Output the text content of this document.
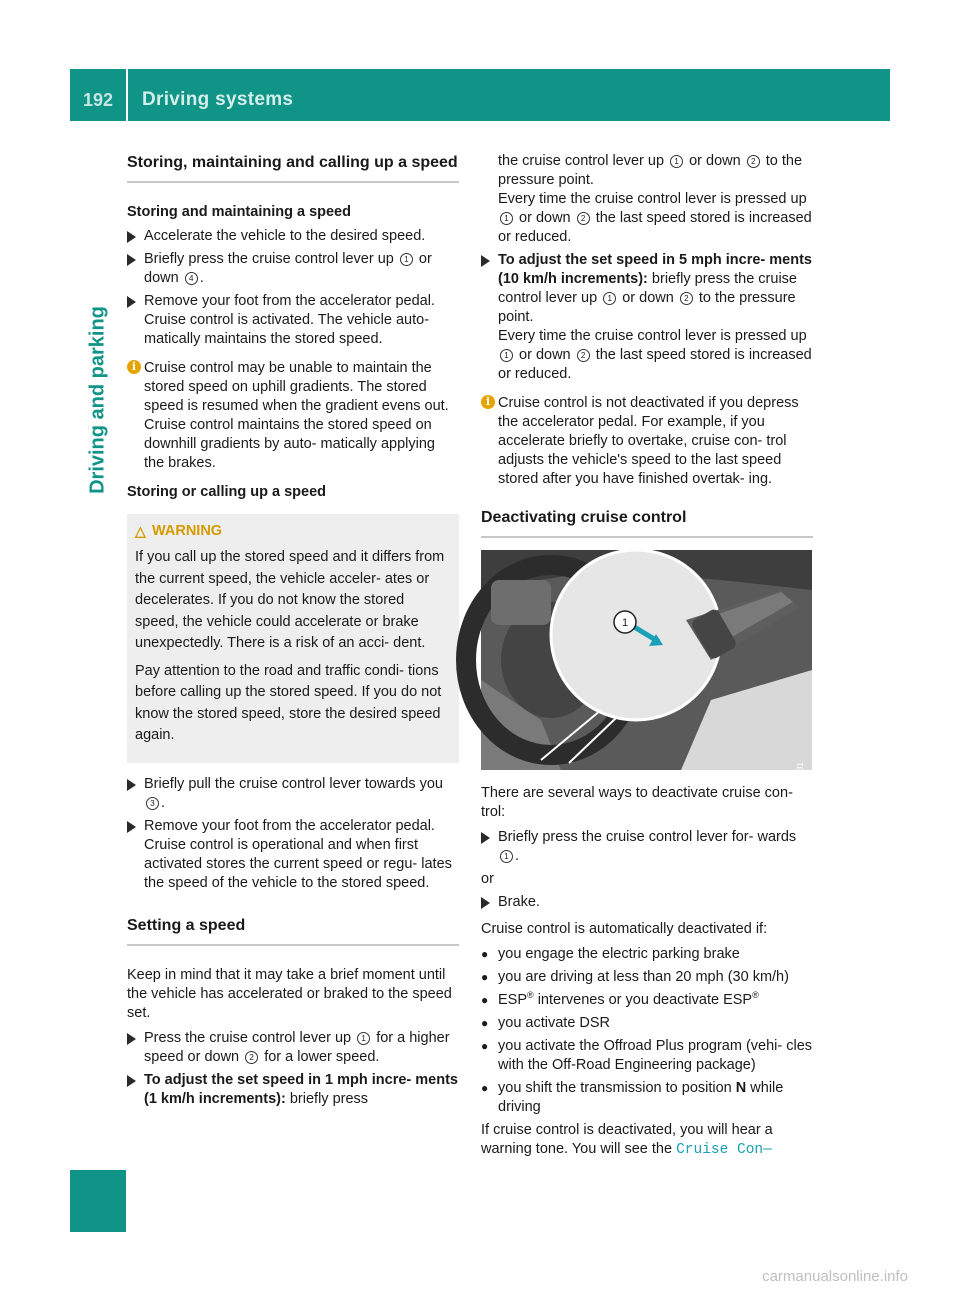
192	Driving systems
Driving and parking
Storing, maintaining and calling up a speed
Storing and maintaining a speed
Accelerate the vehicle to the desired speed.
Briefly press the cruise control lever up 1 or down 4 .
Remove your foot from the accelerator pedal. Cruise control is activated. The vehicle auto- matically maintains the stored speed.
i Cruise control may be unable to maintain the stored speed on uphill gradients. The stored speed is resumed when the gradient evens out. Cruise control maintains the stored speed on downhill gradients by auto- matically applying the brakes.
Storing or calling up a speed
△ WARNING

If you call up the stored speed and it differs from the current speed, the vehicle acceler- ates or decelerates. If you do not know the stored speed, the vehicle could accelerate or brake unexpectedly. There is a risk of an acci- dent.

Pay attention to the road and traffic condi- tions before calling up the stored speed. If you do not know the stored speed, store the desired speed again.

Briefly pull the cruise control lever towards you 3 .
Remove your foot from the accelerator pedal. Cruise control is operational and when first activated stores the current speed or regu- lates the speed of the vehicle to the stored speed.
Setting a speed

Keep in mind that it may take a brief moment until the vehicle has accelerated or braked to the speed set.

Press the cruise control lever up 1 for a higher speed or down 2 for a lower speed.
To adjust the set speed in 1 mph incre- ments (1 km/h increments): briefly press
the cruise control lever up 1 or down 2 to the pressure point.
Every time the cruise control lever is pressed up 1 or down 2 the last speed stored is increased or reduced.
To adjust the set speed in 5 mph incre- ments (10 km/h increments): briefly press the cruise control lever up 1 or down 2 to the pressure point.
Every time the cruise control lever is pressed up 1 or down 2 the last speed stored is increased or reduced.
i Cruise control is not deactivated if you depress the accelerator pedal. For example, if you accelerate briefly to overtake, cruise con- trol adjusts the vehicle's speed to the last speed stored after you have finished overtak- ing.
Deactivating cruise control
1
P54.25-1999-31

There are several ways to deactivate cruise con- trol:

Briefly press the cruise control lever for- wards 1 .

or

Brake.

Cruise control is automatically deactivated if:

● you engage the electric parking brake
● you are driving at less than 20 mph (30 km/h)
● ESP® intervenes or you deactivate ESP®
● you activate DSR
● you activate the Offroad Plus program (vehi- cles with the Off-Road Engineering package)
● you shift the transmission to position N while driving

If cruise control is deactivated, you will hear a warning tone. You will see the Cruise Con—

carmanualsonline.info
